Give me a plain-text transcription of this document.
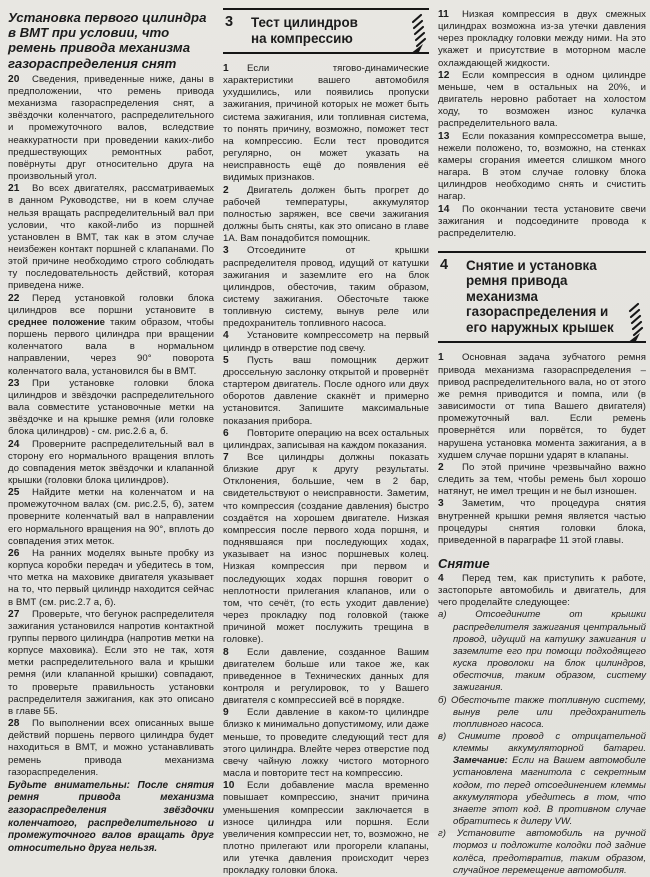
Установка первого цилиндра в ВМТ при условии, что ремень привода механизма газораспределения снят

20 Сведения, приведенные ниже, даны в предположении, что ремень привода механизма газораспределения снят, а звёздочки коленчатого, распределительного и промежуточного валов, вследствие неаккуратности при проведении каких-либо предшествующих ремонтных работ, повёрнуты друг относительно друга на произвольный угол.

21 Во всех двигателях, рассматриваемых в данном Руководстве, ни в коем случае нельзя вращать распределительный вал при условии, что какой-либо из поршней установлен в ВМТ, так как в этом случае неизбежен контакт поршней с клапанами. По этой причине необходимо строго соблюдать ту последовательность действий, которая приведена ниже.

22 Перед установкой головки блока цилиндров все поршни установите в среднее положение таким образом, чтобы поршень первого цилиндра при вращении коленчатого вала в нормальном направлении, через 90° поворота коленчатого вала, установился бы в ВМТ.

23 При установке головки блока цилиндров и звёздочки распределительного вала совместите установочные метки на звёздочке и на крышке ремня (или головке блока цилиндров) - см. рис.2.6 а, б.

24 Проверните распределительный вал в сторону его нормального вращения вплоть до совпадения меток звёздочки и клапанной крышки (головки блока цилиндров).

25 Найдите метки на коленчатом и на промежуточном валах (см. рис.2.5, б), затем проверните коленчатый вал в направлении его нормального вращения на 90°, вплоть до совпадения этих меток.

26 На ранних моделях выньте пробку из корпуса коробки передач и убедитесь в том, что метка на маховике двигателя указывает на то, что первый цилиндр находится сейчас в ВМТ (см. рис.2.7 а, б).

27 Проверьте, что бегунок распределителя зажигания установился напротив контактной группы первого цилиндра (напротив метки на корпусе маховика). Если это не так, хотя метки распределительного вала и крышки ремня (или клапанной крышки) совпадают, то проверьте правильность установки распределителя зажигания, как это описано в главе 5Б.

28 По выполнении всех описанных выше действий поршень первого цилиндра будет находиться в ВМТ, и можно устанавливать ремень привода механизма газораспределения.

Будьте внимательны: После снятия ремня привода механизма газораспределения звёздочки коленчатого, распределительного и промежуточного валов вращать друг относительно друга нельзя.

3	Тест цилиндров
на компрессию

1 Если тягово-динамические характеристики вашего автомобиля ухудшились, или появились пропуски зажигания, причиной которых не может быть система зажигания, или топливная система, то понять причину, возможно, поможет тест на компрессию. Если тест проводится регулярно, он может указать на неисправность ещё до появления её видимых признаков.

2 Двигатель должен быть прогрет до рабочей температуры, аккумулятор полностью заряжен, все свечи зажигания должны быть сняты, как это описано в главе 1А. Вам понадобится помощник.

3 Отсоедините от крышки распределителя провод, идущий от катушки зажигания и заземлите его на блок цилиндров, обесточив, таким образом, систему зажигания. Обесточьте также топливную систему, вынув реле или предохранитель топливного насоса.

4 Установите компрессометр на первый цилиндр в отверстие под свечу.

5 Пусть ваш помощник держит дроссельную заслонку открытой и провернёт стартером двигатель. После одного или двух оборотов давление скакнёт и примерно установится. Запишите максимальные показания прибора.

6 Повторите операцию на всех остальных цилиндрах, записывая на каждом показания.

7 Все цилиндры должны показать близкие друг к другу результаты. Отклонения, большие, чем в 2 бар, свидетельствуют о неисправности. Заметим, что компрессия (создание давления) быстро создаётся на хорошем двигателе. Низкая компрессия после первого хода поршня, и поднявшаяся при последующих ходах, указывает на износ поршневых колец. Низкая компрессия при первом и последующих ходах поршня говорит о неплотности прилегания клапанов, или о том, что сечёт, (то есть уходит давление) через прокладку под головкой (также причиной может послужить трещина в головке).

8 Если давление, созданное Вашим двигателем больше или такое же, как приведенное в Технических данных для контроля и регулировок, то у Вашего двигателя с компрессией всё в порядке.

9 Если давление в каком-то цилиндре близко к минимально допустимому, или даже меньше, то проведите следующий тест для этого цилиндра. Влейте через отверстие под свечу чайную ложку чистого моторного масла и повторите тест на компрессию.

10 Если добавление масла временно повышает компрессию, значит причина уменьшения компрессии заключается в износе цилиндра или поршня. Если увеличения компрессии нет, то, возможно, не плотно прилегают или прогорели клапаны, или утечка давления происходит через прокладку головки блока.

11 Низкая компрессия в двух смежных цилиндрах возможна из-за утечки давления через прокладку головки между ними. На это укажет и присутствие в моторном масле охлаждающей жидкости.

12 Если компрессия в одном цилиндре меньше, чем в остальных на 20%, и двигатель неровно работает на холостом ходу, то возможен износ кулачка распределительного вала.

13 Если показания компрессометра выше, нежели положено, то, возможно, на стенках камеры сгорания имеется слишком много нагара. В этом случае головку блока цилиндров необходимо снять и счистить нагар.

14 По окончании теста установите свечи зажигания и подсоедините провода к распределителю.

4	Снятие и установка ремня привода механизма газораспределения и его наружных крышек

1 Основная задача зубчатого ремня привода механизма газораспределения – привод распределительного вала, но от этого же ремня приводится и помпа, или (в зависимости от типа Вашего двигателя) промежуточный вал. Если ремень провернётся или порвётся, то будет нарушена установка момента зажигания, а в худшем случае поршни ударят в клапаны.

2 По этой причине чрезвычайно важно следить за тем, чтобы ремень был хорошо натянут, не имел трещин и не был изношен.

3 Заметим, что процедура снятия внутренней крышки ремня является частью процедуры снятия головки блока, приведенной в параграфе 11 этой главы.

Снятие

4 Перед тем, как приступить к работе, застопорьте автомобиль и двигатель, для чего проделайте следующее:

а)	Отсоедините от крышки распределителя зажигания центральный провод, идущий на катушку зажигания и заземлите его при помощи подходящего куска проволоки на блок цилиндров, обесточив, таким образом, систему зажигания.

б) Обесточьте также топливную систему, вынув реле или предохранитель топливного насоса.

в) Снимите провод с отрицательной клеммы аккумуляторной батареи. Замечание: Если на Вашем автомобиле установлена магнитола с секретным кодом, то перед отсоединением клеммы аккумулятора убедитесь в том, что знаете этот код. В противном случае обратитесь к дилеру VW.

г) Установите автомобиль на ручной тормоз и подложите колодки под задние колёса, предотвратив, таким образом, случайное перемещение автомобиля.
